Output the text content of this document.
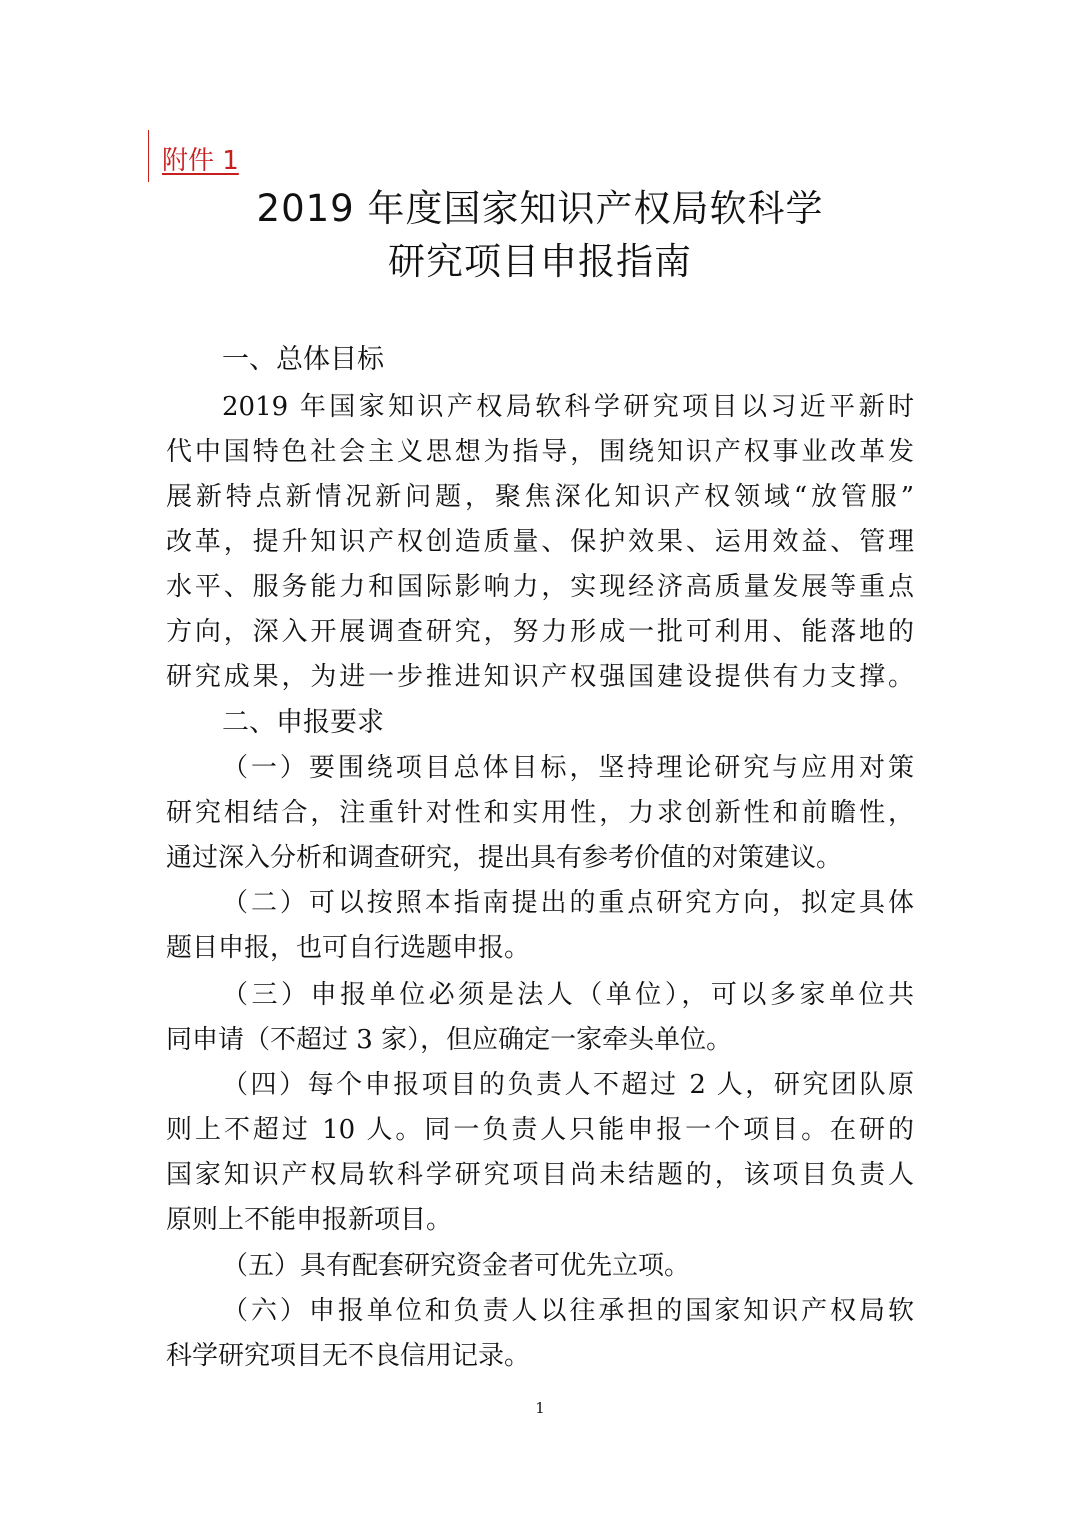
附件 1
2019 年度国家知识产权局软科学
研究项目申报指南
一、总体目标
2019 年国家知识产权局软科学研究项目以习近平新时
代中国特色社会主义思想为指导，围绕知识产权事业改革发
展新特点新情况新问题，聚焦深化知识产权领域“放管服”
改革，提升知识产权创造质量、保护效果、运用效益、管理
水平、服务能力和国际影响力，实现经济高质量发展等重点
方向，深入开展调查研究，努力形成一批可利用、能落地的
研究成果，为进一步推进知识产权强国建设提供有力支撑。
二、申报要求
（一）要围绕项目总体目标，坚持理论研究与应用对策
研究相结合，注重针对性和实用性，力求创新性和前瞻性，
通过深入分析和调查研究，提出具有参考价值的对策建议。
（二）可以按照本指南提出的重点研究方向，拟定具体
题目申报，也可自行选题申报。
（三）申报单位必须是法人（单位），可以多家单位共
同申请（不超过 3 家），但应确定一家牵头单位。
（四）每个申报项目的负责人不超过 2 人，研究团队原
则上不超过 10 人。同一负责人只能申报一个项目。在研的
国家知识产权局软科学研究项目尚未结题的，该项目负责人
原则上不能申报新项目。
（五）具有配套研究资金者可优先立项。
（六）申报单位和负责人以往承担的国家知识产权局软
科学研究项目无不良信用记录。
1
